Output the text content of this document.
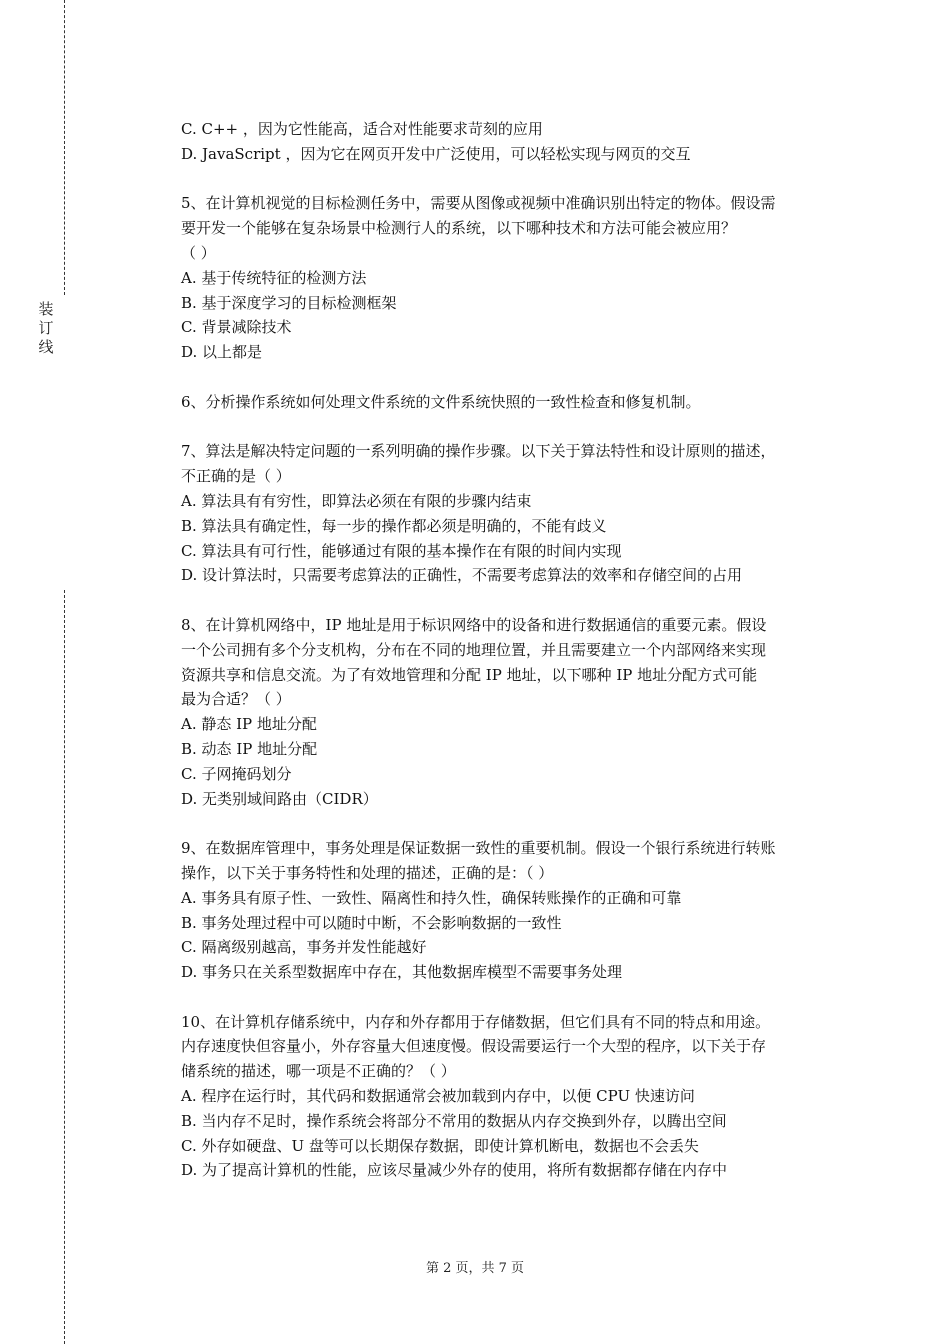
装
订
线
C. C++ ，因为它性能高，适合对性能要求苛刻的应用
D. JavaScript ，因为它在网页开发中广泛使用，可以轻松实现与网页的交互
5、在计算机视觉的目标检测任务中，需要从图像或视频中准确识别出特定的物体。假设需
要开发一个能够在复杂场景中检测行人的系统，以下哪种技术和方法可能会被应用？
（ ）
A. 基于传统特征的检测方法
B. 基于深度学习的目标检测框架
C. 背景减除技术
D. 以上都是
6、分析操作系统如何处理文件系统的文件系统快照的一致性检查和修复机制。
7、算法是解决特定问题的一系列明确的操作步骤。以下关于算法特性和设计原则的描述，
不正确的是（ ）
A. 算法具有有穷性，即算法必须在有限的步骤内结束
B. 算法具有确定性，每一步的操作都必须是明确的，不能有歧义
C. 算法具有可行性，能够通过有限的基本操作在有限的时间内实现
D. 设计算法时，只需要考虑算法的正确性，不需要考虑算法的效率和存储空间的占用
8、在计算机网络中，IP 地址是用于标识网络中的设备和进行数据通信的重要元素。假设
一个公司拥有多个分支机构，分布在不同的地理位置，并且需要建立一个内部网络来实现
资源共享和信息交流。为了有效地管理和分配 IP 地址，以下哪种 IP 地址分配方式可能
最为合适？（ ）
A. 静态 IP 地址分配
B. 动态 IP 地址分配
C. 子网掩码划分
D. 无类别域间路由（CIDR）
9、在数据库管理中，事务处理是保证数据一致性的重要机制。假设一个银行系统进行转账
操作，以下关于事务特性和处理的描述，正确的是：（ ）
A. 事务具有原子性、一致性、隔离性和持久性，确保转账操作的正确和可靠
B. 事务处理过程中可以随时中断，不会影响数据的一致性
C. 隔离级别越高，事务并发性能越好
D. 事务只在关系型数据库中存在，其他数据库模型不需要事务处理
10、在计算机存储系统中，内存和外存都用于存储数据，但它们具有不同的特点和用途。
内存速度快但容量小，外存容量大但速度慢。假设需要运行一个大型的程序，以下关于存
储系统的描述，哪一项是不正确的？（ ）
A. 程序在运行时，其代码和数据通常会被加载到内存中，以便 CPU 快速访问
B. 当内存不足时，操作系统会将部分不常用的数据从内存交换到外存，以腾出空间
C. 外存如硬盘、U 盘等可以长期保存数据，即使计算机断电，数据也不会丢失
D. 为了提高计算机的性能，应该尽量减少外存的使用，将所有数据都存储在内存中
第 2 页，共 7 页
